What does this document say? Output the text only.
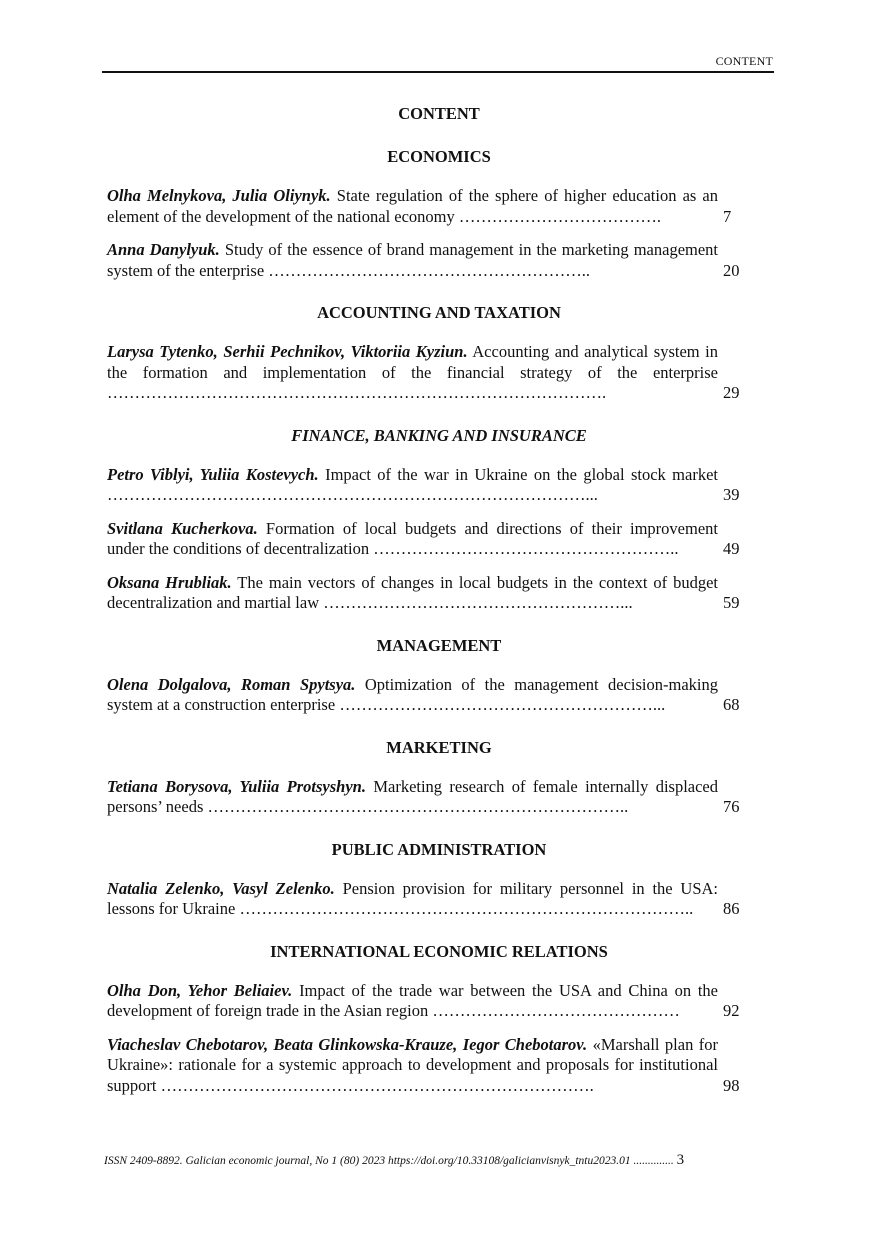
CONTENT
CONTENT
ECONOMICS
Olha Melnykova, Julia Oliynyk. State regulation of the sphere of higher education as an element of the development of the national economy ……………………………….	7
Anna Danylyuk. Study of the essence of brand management in the marketing management system of the enterprise …………………………………………………..	20
ACCOUNTING AND TAXATION
Larysa Tytenko, Serhii Pechnikov, Viktoriia Kyziun. Accounting and analytical system in the formation and implementation of the financial strategy of the enterprise ……………………………………………………………………………….	29
FINANCE, BANKING AND INSURANCE
Petro Viblyi, Yuliia Kostevych. Impact of the war in Ukraine on the global stock market ……………………………………………………………………………...	39
Svitlana Kucherkova. Formation of local budgets and directions of their improvement under the conditions of decentralization ………………………………………………..	49
Oksana Hrubliak. The main vectors of changes in local budgets in the context of budget decentralization and martial law ………………………………………………...	59
MANAGEMENT
Olena Dolgalova, Roman Spytsya. Optimization of the management decision-making system at a construction enterprise …………………………………………………...	68
MARKETING
Tetiana Borysova, Yuliia Protsyshyn. Marketing research of female internally displaced persons’ needs …………………………………………………………………..	76
PUBLIC ADMINISTRATION
Natalia Zelenko, Vasyl Zelenko. Pension provision for military personnel in the USA: lessons for Ukraine ……………………………………………………………………….. 86
INTERNATIONAL ECONOMIC RELATIONS
Olha Don, Yehor Beliaiev. Impact of the trade war between the USA and China on the development of foreign trade in the Asian region ………………………………………	92
Viacheslav Chebotarov, Beata Glinkowska-Krauze, Iegor Chebotarov. «Marshall plan for Ukraine»: rationale for a systemic approach to development and proposals for institutional support …………………………………………………………………….	98
ISSN 2409-8892. Galician economic journal, No 1 (80) 2023 https://doi.org/10.33108/galicianvisnyk_tntu2023.01 .............. 3
